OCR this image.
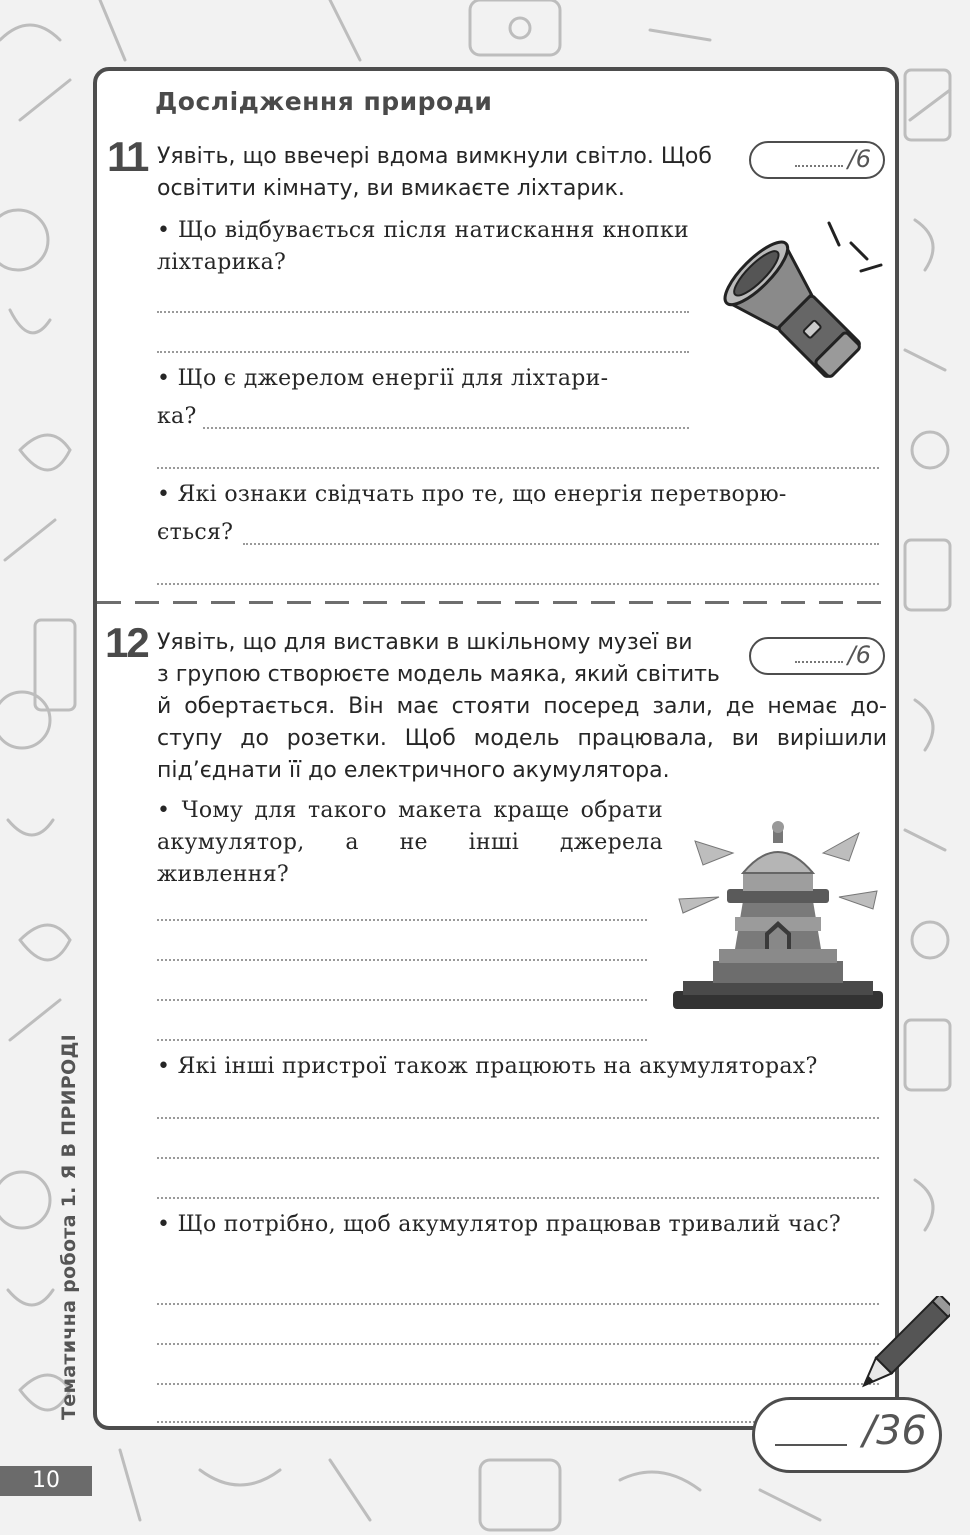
Дослідження природи
11 Уявіть, що ввечері вдома вимкнули світло. Щоб освітити кімнату, ви вмикаєте ліхтарик.

/6

• Що відбувається після натискання кнопки ліхтарика?

• Що є джерелом енергії для ліхтари-

ка?

• Які ознаки свідчать про те, що енергія перетворю-

ється?

12 Уявіть, що для виставки в шкільному музеї ви

з групою створюєте модель маяка, який світить

й обертається. Він має стояти посеред зали, де немає до-

ступу до розетки. Щоб модель працювала, ви вирішили

під’єднати її до електричного акумулятора.

/6

• Чому для такого макета краще обрати акумулятор, а не інші джерела живлення?

• Які інші пристрої також працюють на акумуляторах?

• Що потрібно, щоб акумулятор працював тривалий час?

/36
Тематична робота 1. Я В ПРИРОДІ
10
